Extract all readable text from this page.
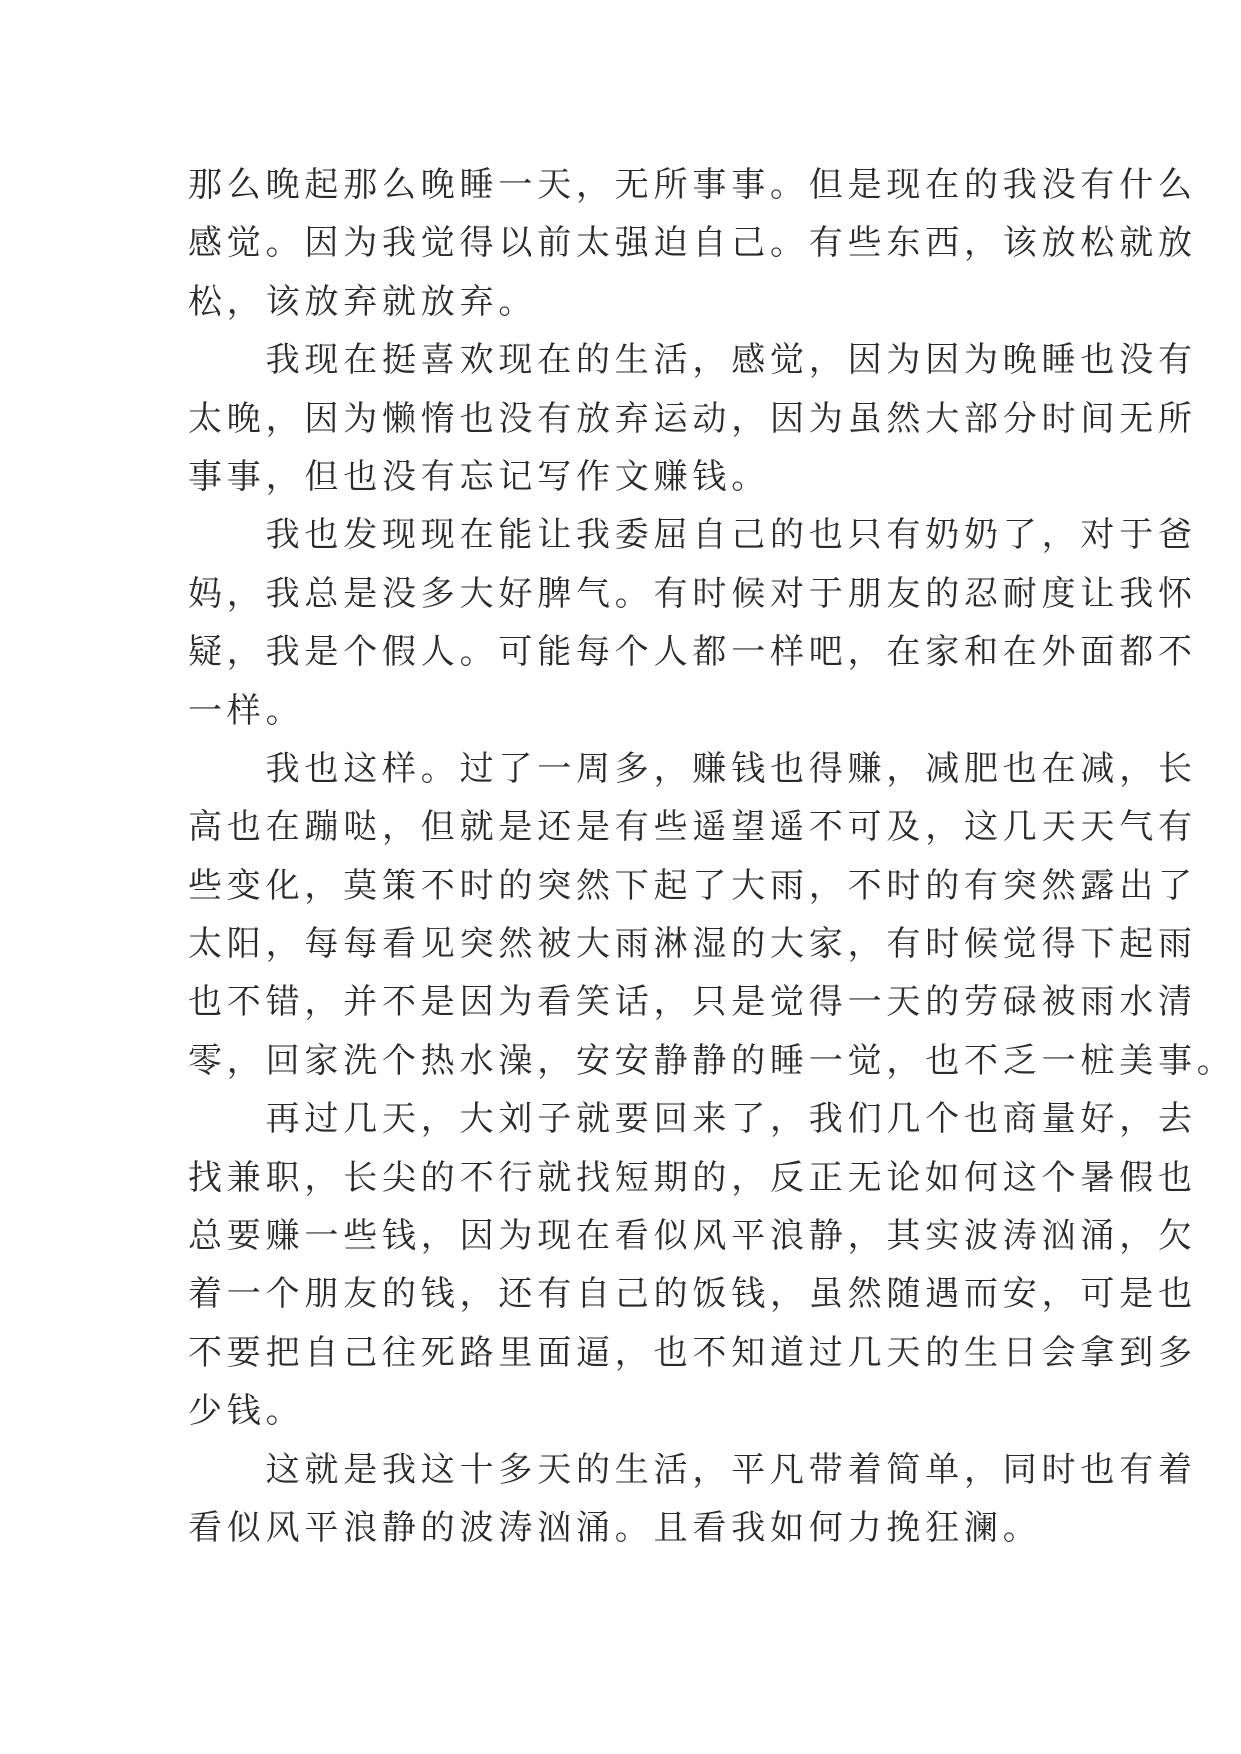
那么晚起那么晚睡一天，无所事事。但是现在的我没有什么
感觉。因为我觉得以前太强迫自己。有些东西，该放松就放
松，该放弃就放弃。
　　我现在挺喜欢现在的生活，感觉，因为因为晚睡也没有
太晚，因为懒惰也没有放弃运动，因为虽然大部分时间无所
事事，但也没有忘记写作文赚钱。
　　我也发现现在能让我委屈自己的也只有奶奶了，对于爸
妈，我总是没多大好脾气。有时候对于朋友的忍耐度让我怀
疑，我是个假人。可能每个人都一样吧，在家和在外面都不
一样。
　　我也这样。过了一周多，赚钱也得赚，减肥也在减，长
高也在蹦哒，但就是还是有些遥望遥不可及，这几天天气有
些变化，莫策不时的突然下起了大雨，不时的有突然露出了
太阳，每每看见突然被大雨淋湿的大家，有时候觉得下起雨
也不错，并不是因为看笑话，只是觉得一天的劳碌被雨水清
零，回家洗个热水澡，安安静静的睡一觉，也不乏一桩美事。
　　再过几天，大刘子就要回来了，我们几个也商量好，去
找兼职，长尖的不行就找短期的，反正无论如何这个暑假也
总要赚一些钱，因为现在看似风平浪静，其实波涛汹涌，欠
着一个朋友的钱，还有自己的饭钱，虽然随遇而安，可是也
不要把自己往死路里面逼，也不知道过几天的生日会拿到多
少钱。
　　这就是我这十多天的生活，平凡带着简单，同时也有着
看似风平浪静的波涛汹涌。且看我如何力挽狂澜。
